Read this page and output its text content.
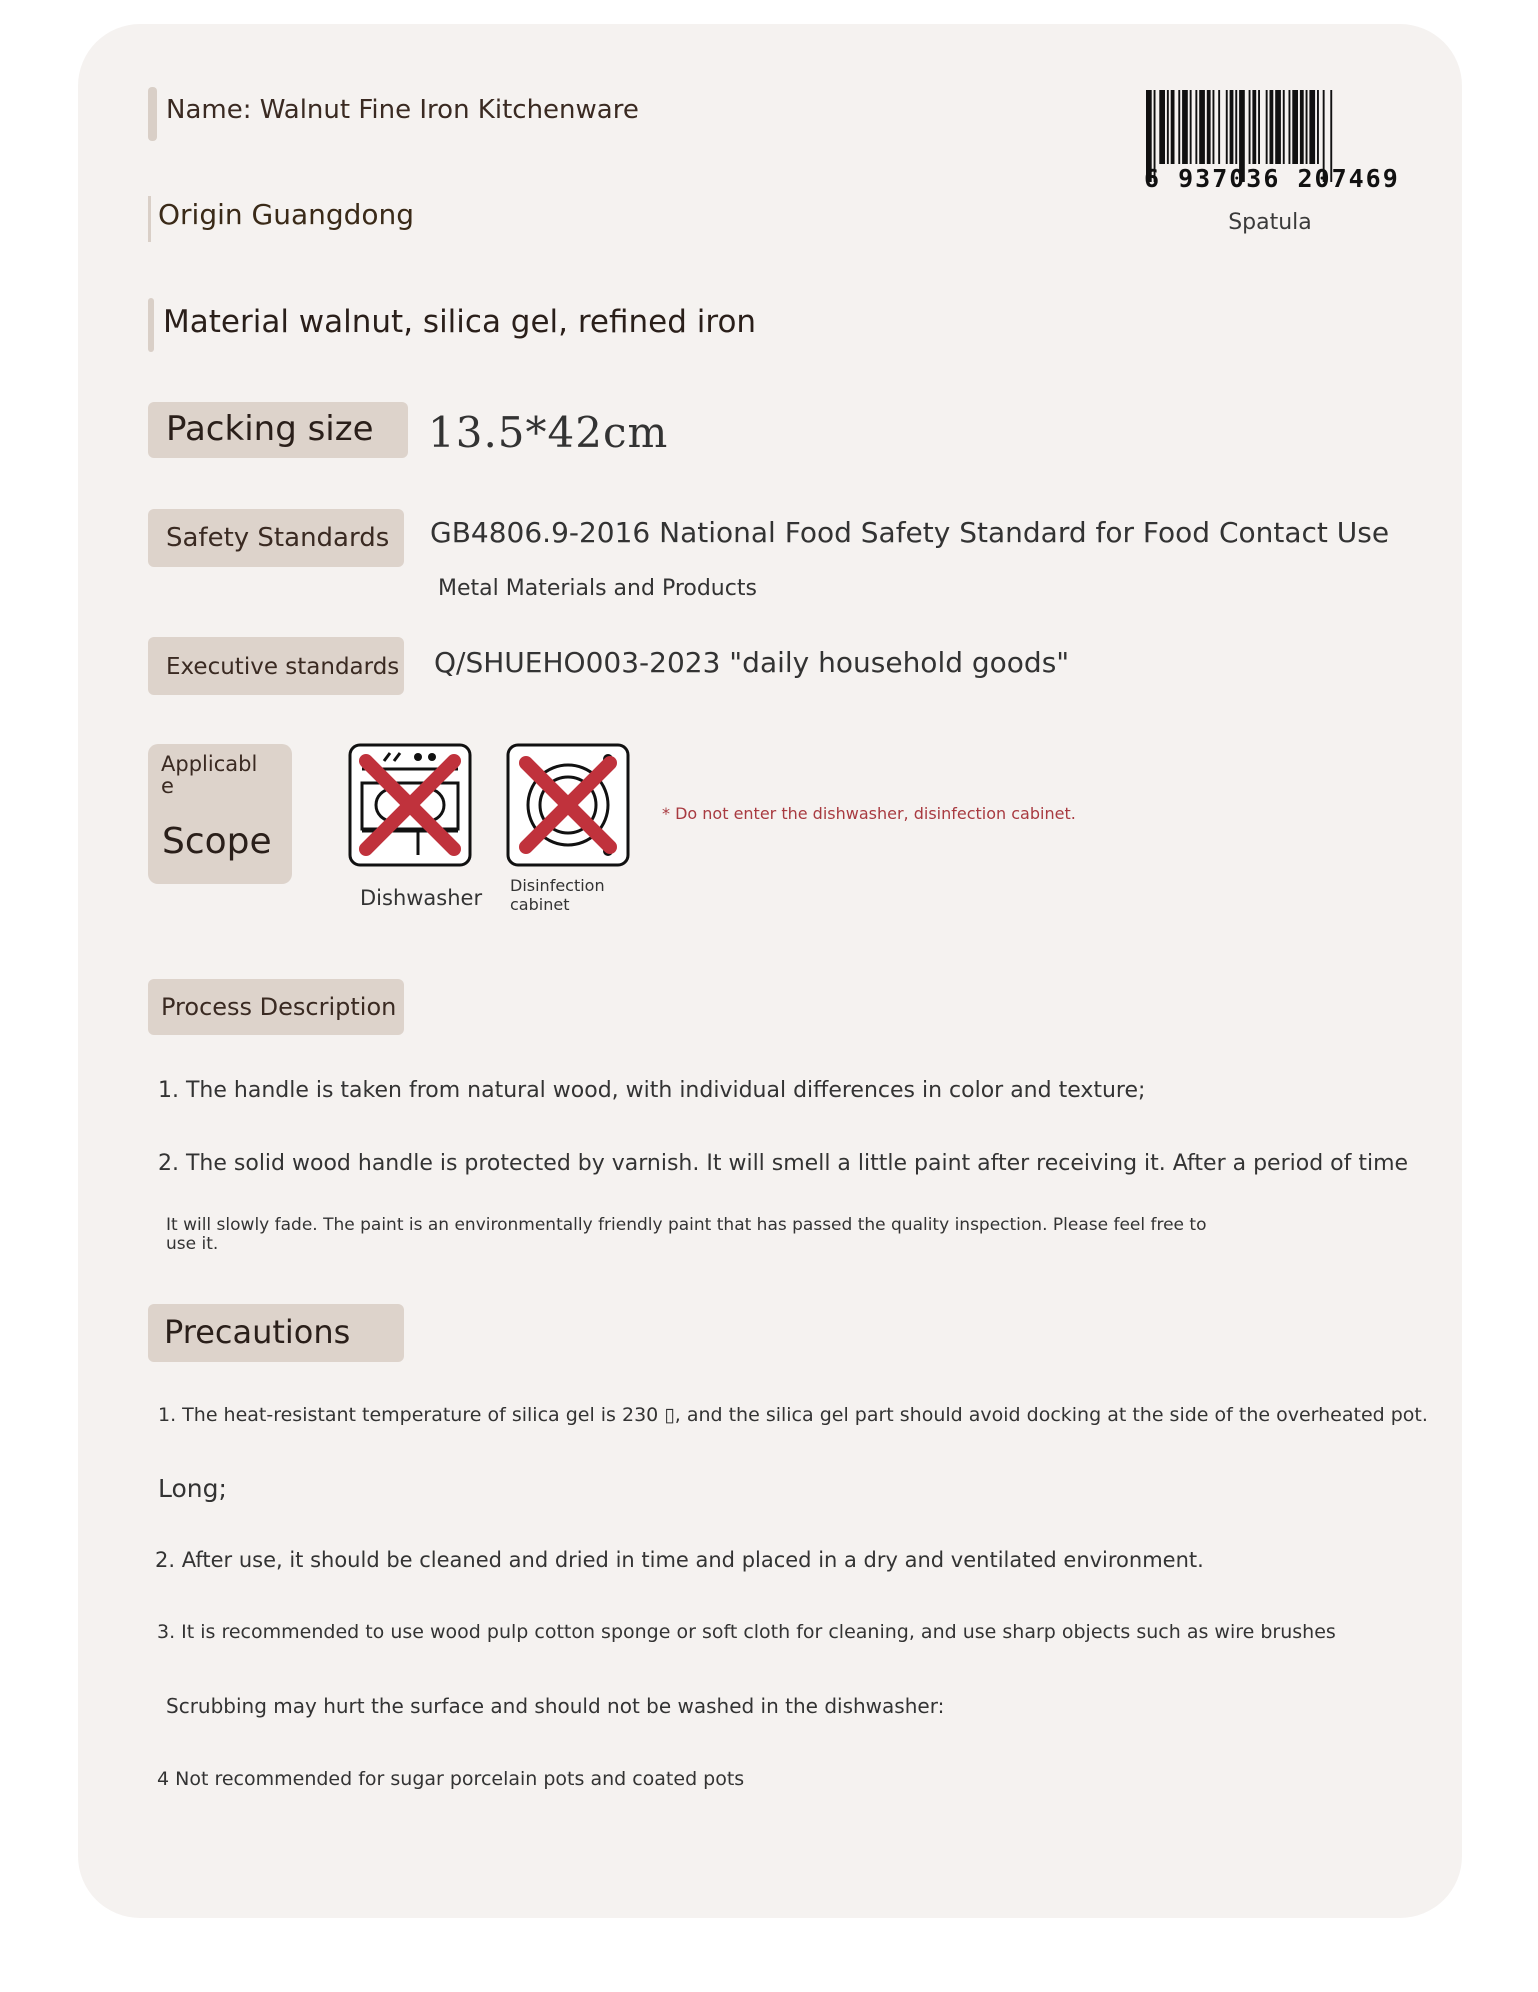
Name: Walnut Fine Iron Kitchenware
6 937036 207469
Spatula
Origin Guangdong
Material walnut, silica gel, refined iron
Packing size 13.5*42cm
Safety Standards GB4806.9-2016 National Food Safety Standard for Food Contact Use
Metal Materials and Products
Executive standards Q/SHUEHO003-2023 "daily household goods"
Applicabl
e
Scope
Dishwasher
Disinfection
cabinet
* Do not enter the dishwasher, disinfection cabinet.
Process Description
1. The handle is taken from natural wood, with individual differences in color and texture;
2. The solid wood handle is protected by varnish. It will smell a little paint after receiving it. After a period of time
It will slowly fade. The paint is an environmentally friendly paint that has passed the quality inspection. Please feel free to
use it.
Precautions
1. The heat-resistant temperature of silica gel is 230 ▯, and the silica gel part should avoid docking at the side of the overheated pot.
Long;
2. After use, it should be cleaned and dried in time and placed in a dry and ventilated environment.
3. It is recommended to use wood pulp cotton sponge or soft cloth for cleaning, and use sharp objects such as wire brushes
Scrubbing may hurt the surface and should not be washed in the dishwasher:
4 Not recommended for sugar porcelain pots and coated pots
